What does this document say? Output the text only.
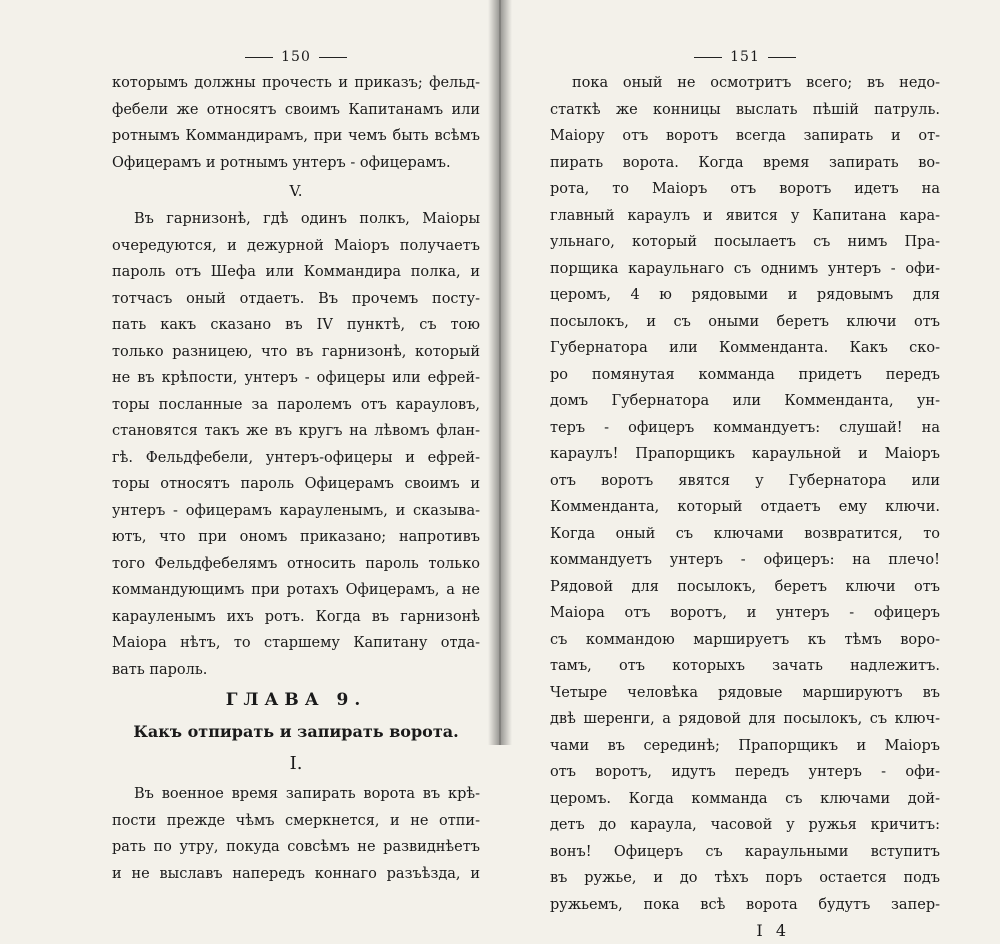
150
которымъ должны прочесть и приказъ; фельд-
фебели же относятъ своимъ Капитанамъ или
ротнымъ Коммандирамъ, при чемъ быть всѣмъ
Офицерамъ и ротнымъ унтеръ - офицерамъ.
V.
Въ гарнизонѣ, гдѣ одинъ полкъ, Маіоры
очередуются, и дежурной Маіоръ получаетъ
пароль отъ Шефа или Коммандира полка, и
тотчасъ оный отдаетъ. Въ прочемъ посту-
пать какъ сказано въ IV пунктѣ, съ тою
только разницею, что въ гарнизонѣ, который
не въ крѣпости, унтеръ - офицеры или ефрей-
торы посланные за паролемъ отъ карауловъ,
становятся такъ же въ кругъ на лѣвомъ флан-
гѣ. Фельдфебели, унтеръ-офицеры и ефрей-
торы относятъ пароль Офицерамъ своимъ и
унтеръ - офицерамъ карауленымъ, и сказыва-
ютъ, что при ономъ приказано; напротивъ
того Фельдфебелямъ относить пароль только
коммандующимъ при ротахъ Офицерамъ, а не
карауленымъ ихъ ротъ. Когда въ гарнизонѣ
Маіора нѣтъ, то старшему Капитану отда-
вать пароль.
ГЛАВА 9.
Какъ отпирать и запирать ворота.
I.
Въ военное время запирать ворота въ крѣ-
пости прежде чѣмъ смеркнется, и не отпи-
рать по утру, покуда совсѣмъ не развиднѣетъ
и не выславъ напередъ коннаго разъѣзда, и
151
пока оный не осмотритъ всего; въ недо-
статкѣ же конницы выслать пѣшій патруль.
Маіору отъ воротъ всегда запирать и от-
пирать ворота. Когда время запирать во-
рота, то Маіоръ отъ воротъ идетъ на
главный караулъ и явится у Капитана кара-
ульнаго, который посылаетъ съ нимъ Пра-
порщика караульнаго съ однимъ унтеръ - офи-
церомъ, 4 ю рядовыми и рядовымъ для
посылокъ, и съ оными беретъ ключи отъ
Губернатора или Комменданта. Какъ ско-
ро помянутая комманда придетъ передъ
домъ Губернатора или Комменданта, ун-
теръ - офицеръ коммандуетъ: слушай! на
караулъ! Прапорщикъ караульной и Маіоръ
отъ воротъ явятся у Губернатора или
Комменданта, который отдаетъ ему ключи.
Когда оный съ ключами возвратится, то
коммандуетъ унтеръ - офицеръ: на плечо!
Рядовой для посылокъ, беретъ ключи отъ
Маіора отъ воротъ, и унтеръ - офицеръ
съ коммандою маршируетъ къ тѣмъ воро-
тамъ, отъ которыхъ зачать надлежитъ.
Четыре человѣка рядовые маршируютъ въ
двѣ шеренги, а рядовой для посылокъ, съ ключ-
чами въ серединѣ; Прапорщикъ и Маіоръ
отъ воротъ, идутъ передъ унтеръ - офи-
церомъ. Когда комманда съ ключами дой-
детъ до караула, часовой у ружья кричитъ:
вонъ! Офицеръ съ караульными вступитъ
въ ружье, и до тѣхъ поръ остается подъ
ружьемъ, пока всѣ ворота будутъ запер-
I 4
